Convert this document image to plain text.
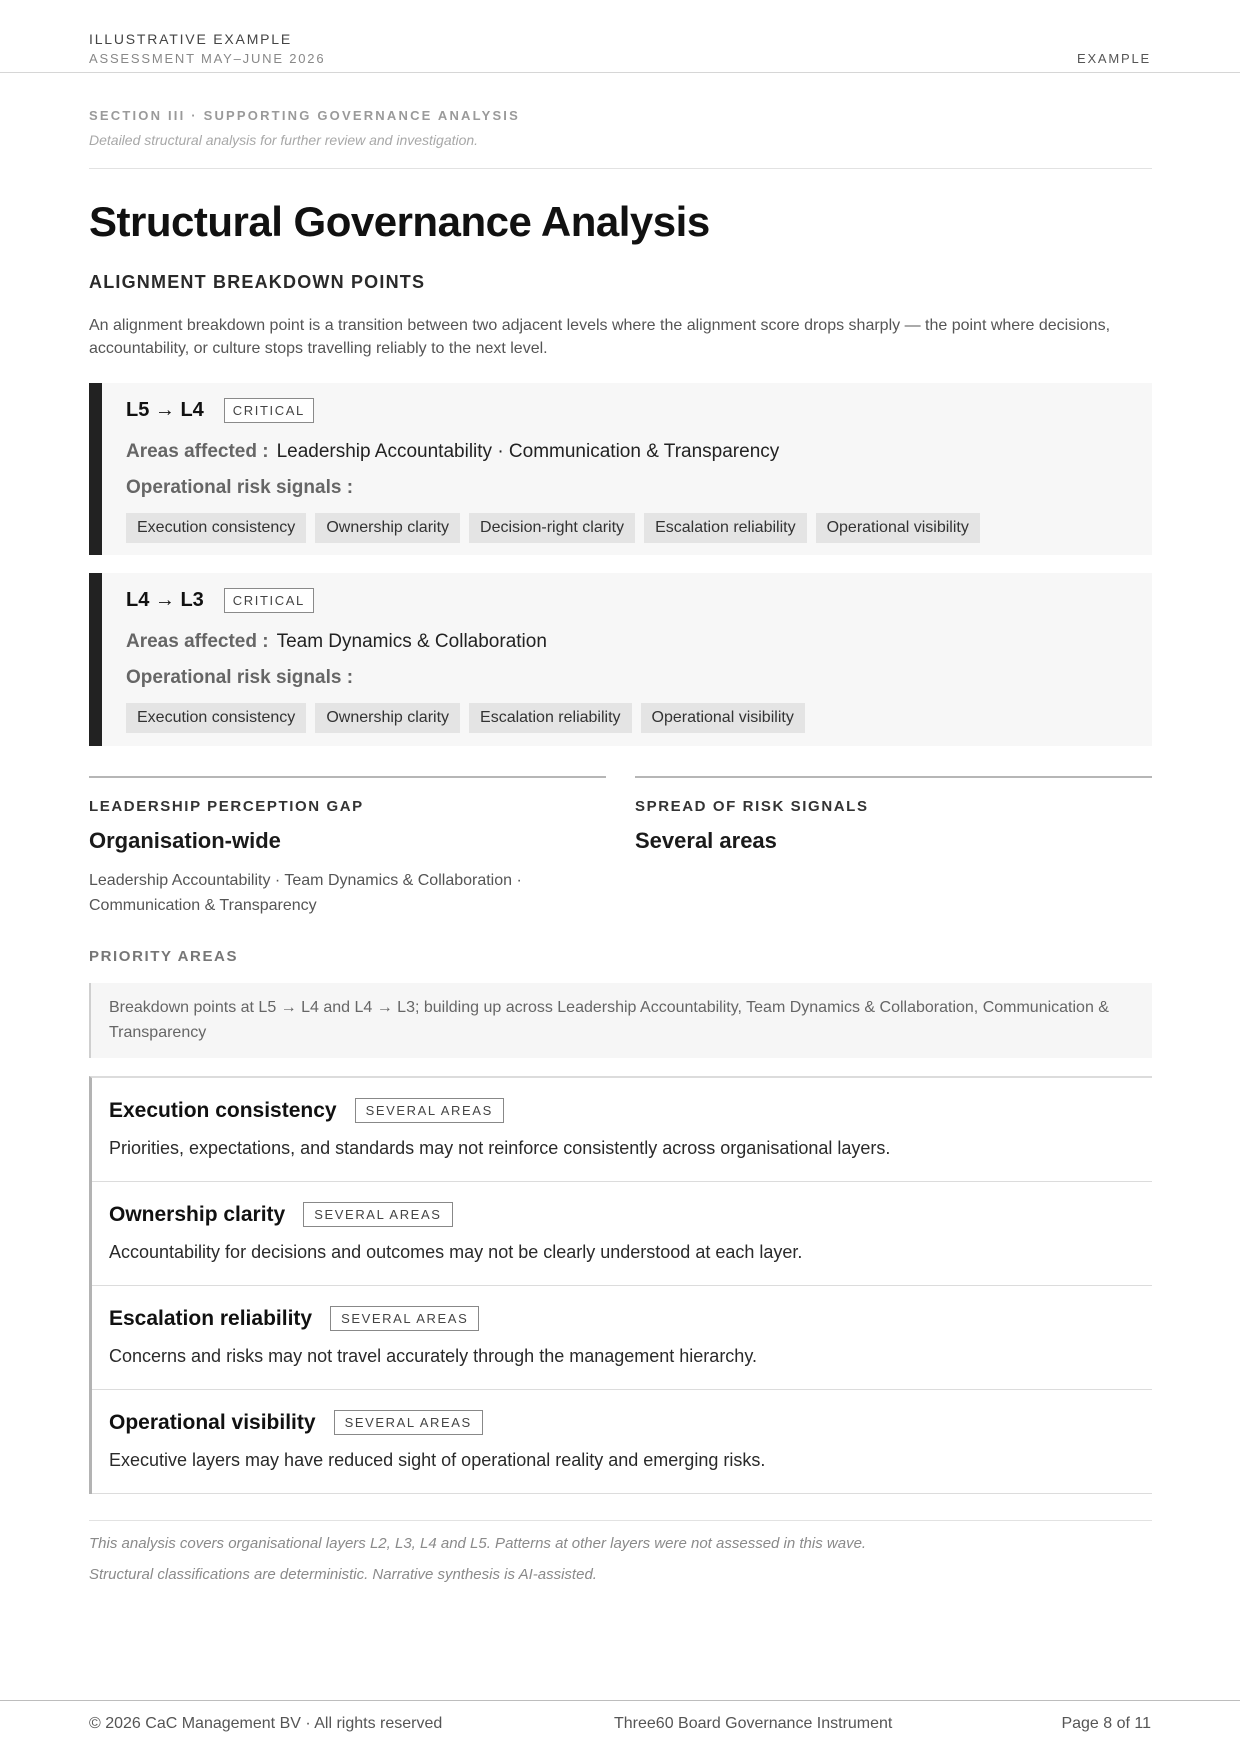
ILLUSTRATIVE EXAMPLE
ASSESSMENT MAY–JUNE 2026	EXAMPLE
SECTION III · SUPPORTING GOVERNANCE ANALYSIS
Detailed structural analysis for further review and investigation.
Structural Governance Analysis
ALIGNMENT BREAKDOWN POINTS

An alignment breakdown point is a transition between two adjacent levels where the alignment score drops sharply — the point where decisions, accountability, or culture stops travelling reliably to the next level.

L5 → L4	CRITICAL
Areas affected : Leadership Accountability · Communication & Transparency
Operational risk signals :
Execution consistency	Ownership clarity	Decision-right clarity	Escalation reliability	Operational visibility
L4 → L3	CRITICAL
Areas affected : Team Dynamics & Collaboration
Operational risk signals :
Execution consistency	Ownership clarity	Escalation reliability	Operational visibility
LEADERSHIP PERCEPTION GAP
Organisation-wide
Leadership Accountability · Team Dynamics & Collaboration · Communication & Transparency
SPREAD OF RISK SIGNALS
Several areas
PRIORITY AREAS
Breakdown points at L5 → L4 and L4 → L3; building up across Leadership Accountability, Team Dynamics & Collaboration, Communication & Transparency
Execution consistency	SEVERAL AREAS
Priorities, expectations, and standards may not reinforce consistently across organisational layers.
Ownership clarity	SEVERAL AREAS
Accountability for decisions and outcomes may not be clearly understood at each layer.
Escalation reliability	SEVERAL AREAS
Concerns and risks may not travel accurately through the management hierarchy.
Operational visibility	SEVERAL AREAS
Executive layers may have reduced sight of operational reality and emerging risks.
This analysis covers organisational layers L2, L3, L4 and L5. Patterns at other layers were not assessed in this wave.
Structural classifications are deterministic. Narrative synthesis is AI-assisted.
© 2026 CaC Management BV · All rights reserved	Three60 Board Governance Instrument	Page 8 of 11
